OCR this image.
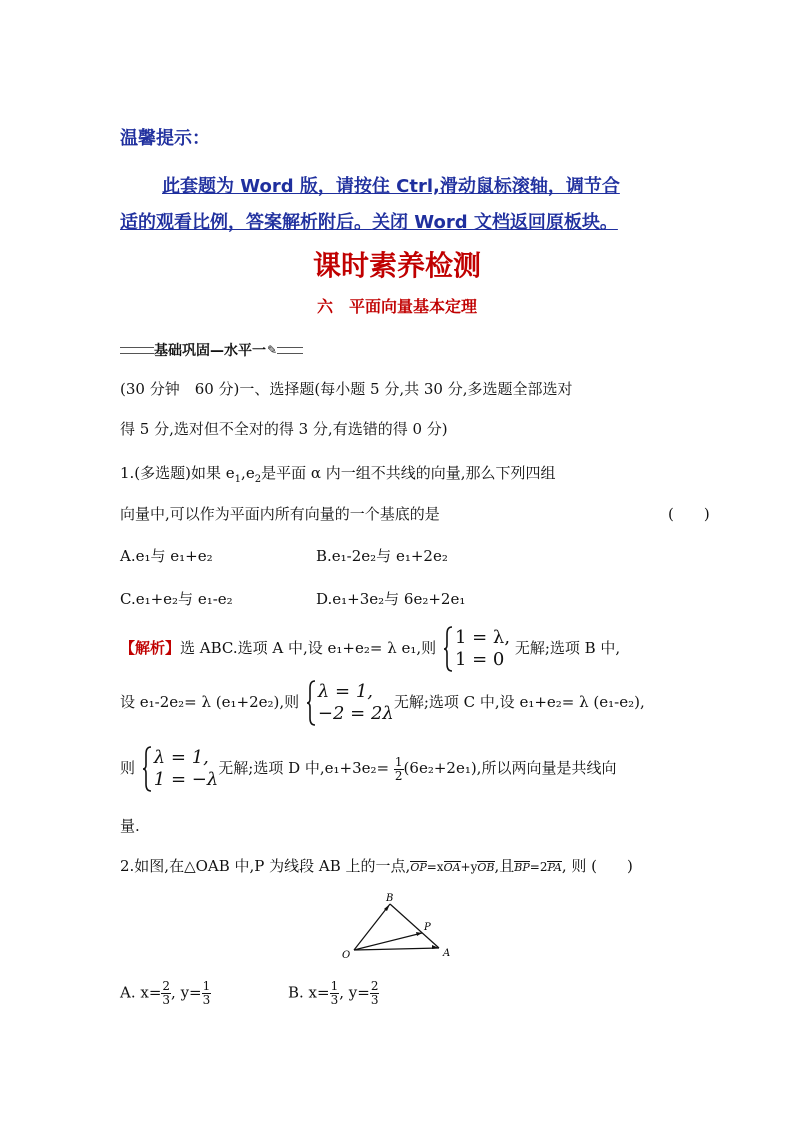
温馨提示：
此套题为 Word 版，请按住 Ctrl,滑动鼠标滚轴，调节合
适的观看比例，答案解析附后。关闭 Word 文档返回原板块。
课时素养检测
六　平面向量基本定理
基础巩固—水平一 ✎
(30 分钟　60 分)一、选择题(每小题 5 分,共 30 分,多选题全部选对
得 5 分,选对但不全对的得 3 分,有选错的得 0 分)
1.(多选题)如果 $e_1,e_2$是平面 α 内一组不共线的向量,那么下列四组
向量中,可以作为平面内所有向量的一个基底的是	(　　)
A.e₁与 e₁+e₂	B.e₁-2e₂与 e₁+2e₂
C.e₁+e₂与 e₁-e₂	D.e₁+3e₂与 6e₂+2e₁
【解析】选 ABC.选项 A 中,设 e₁+e₂= λ e₁,则 1 = λ,
1 = 0
无解;选项 B 中,
设 e₁-2e₂= λ (e₁+2e₂),则 λ = 1,
−2 = 2λ
无解;选项 C 中,设 e₁+e₂= λ (e₁-e₂),
则 λ = 1,
1 = −λ
无解;选项 D 中$,e_1+3e_2= \frac{1}{2} (6e_2+2e_1)$,所以两向量是共线向
量.
2.如图,在△OAB 中,P 为线段 AB 上的一点,OP=xOA+yOB,且BP=2PA, 则 (　　)
B
P
O	A
A. $x= \frac{2}{3}$ , $y= \frac{1}{3}$	B. $x= \frac{1}{3}$ , $y= \frac{2}{3}$
